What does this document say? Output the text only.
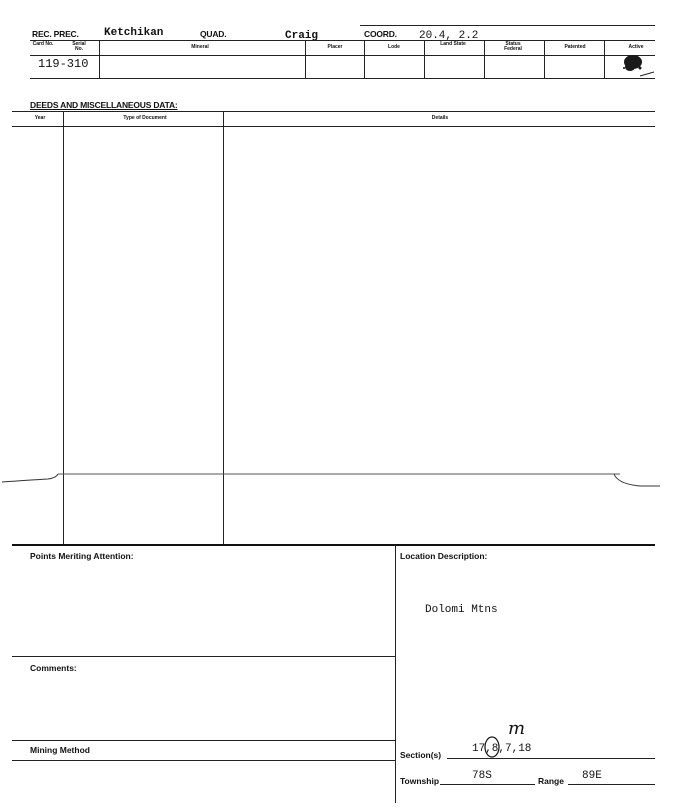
REC. PREC. Ketchikan	QUAD.	Craig	COORD. 20.4, 2.2
Card No.	Serial No.	Mineral	Placer	Lode	Land State	Status Federal	Patented	Active
119-310
DEEDS AND MISCELLANEOUS DATA:
Year	Type of Document	Details
Points Meriting Attention:	Location Description:
Dolomi Mtns
Comments:
Mining Method	Section(s)	17,8,7,18
m
Township	78S	Range 89E
